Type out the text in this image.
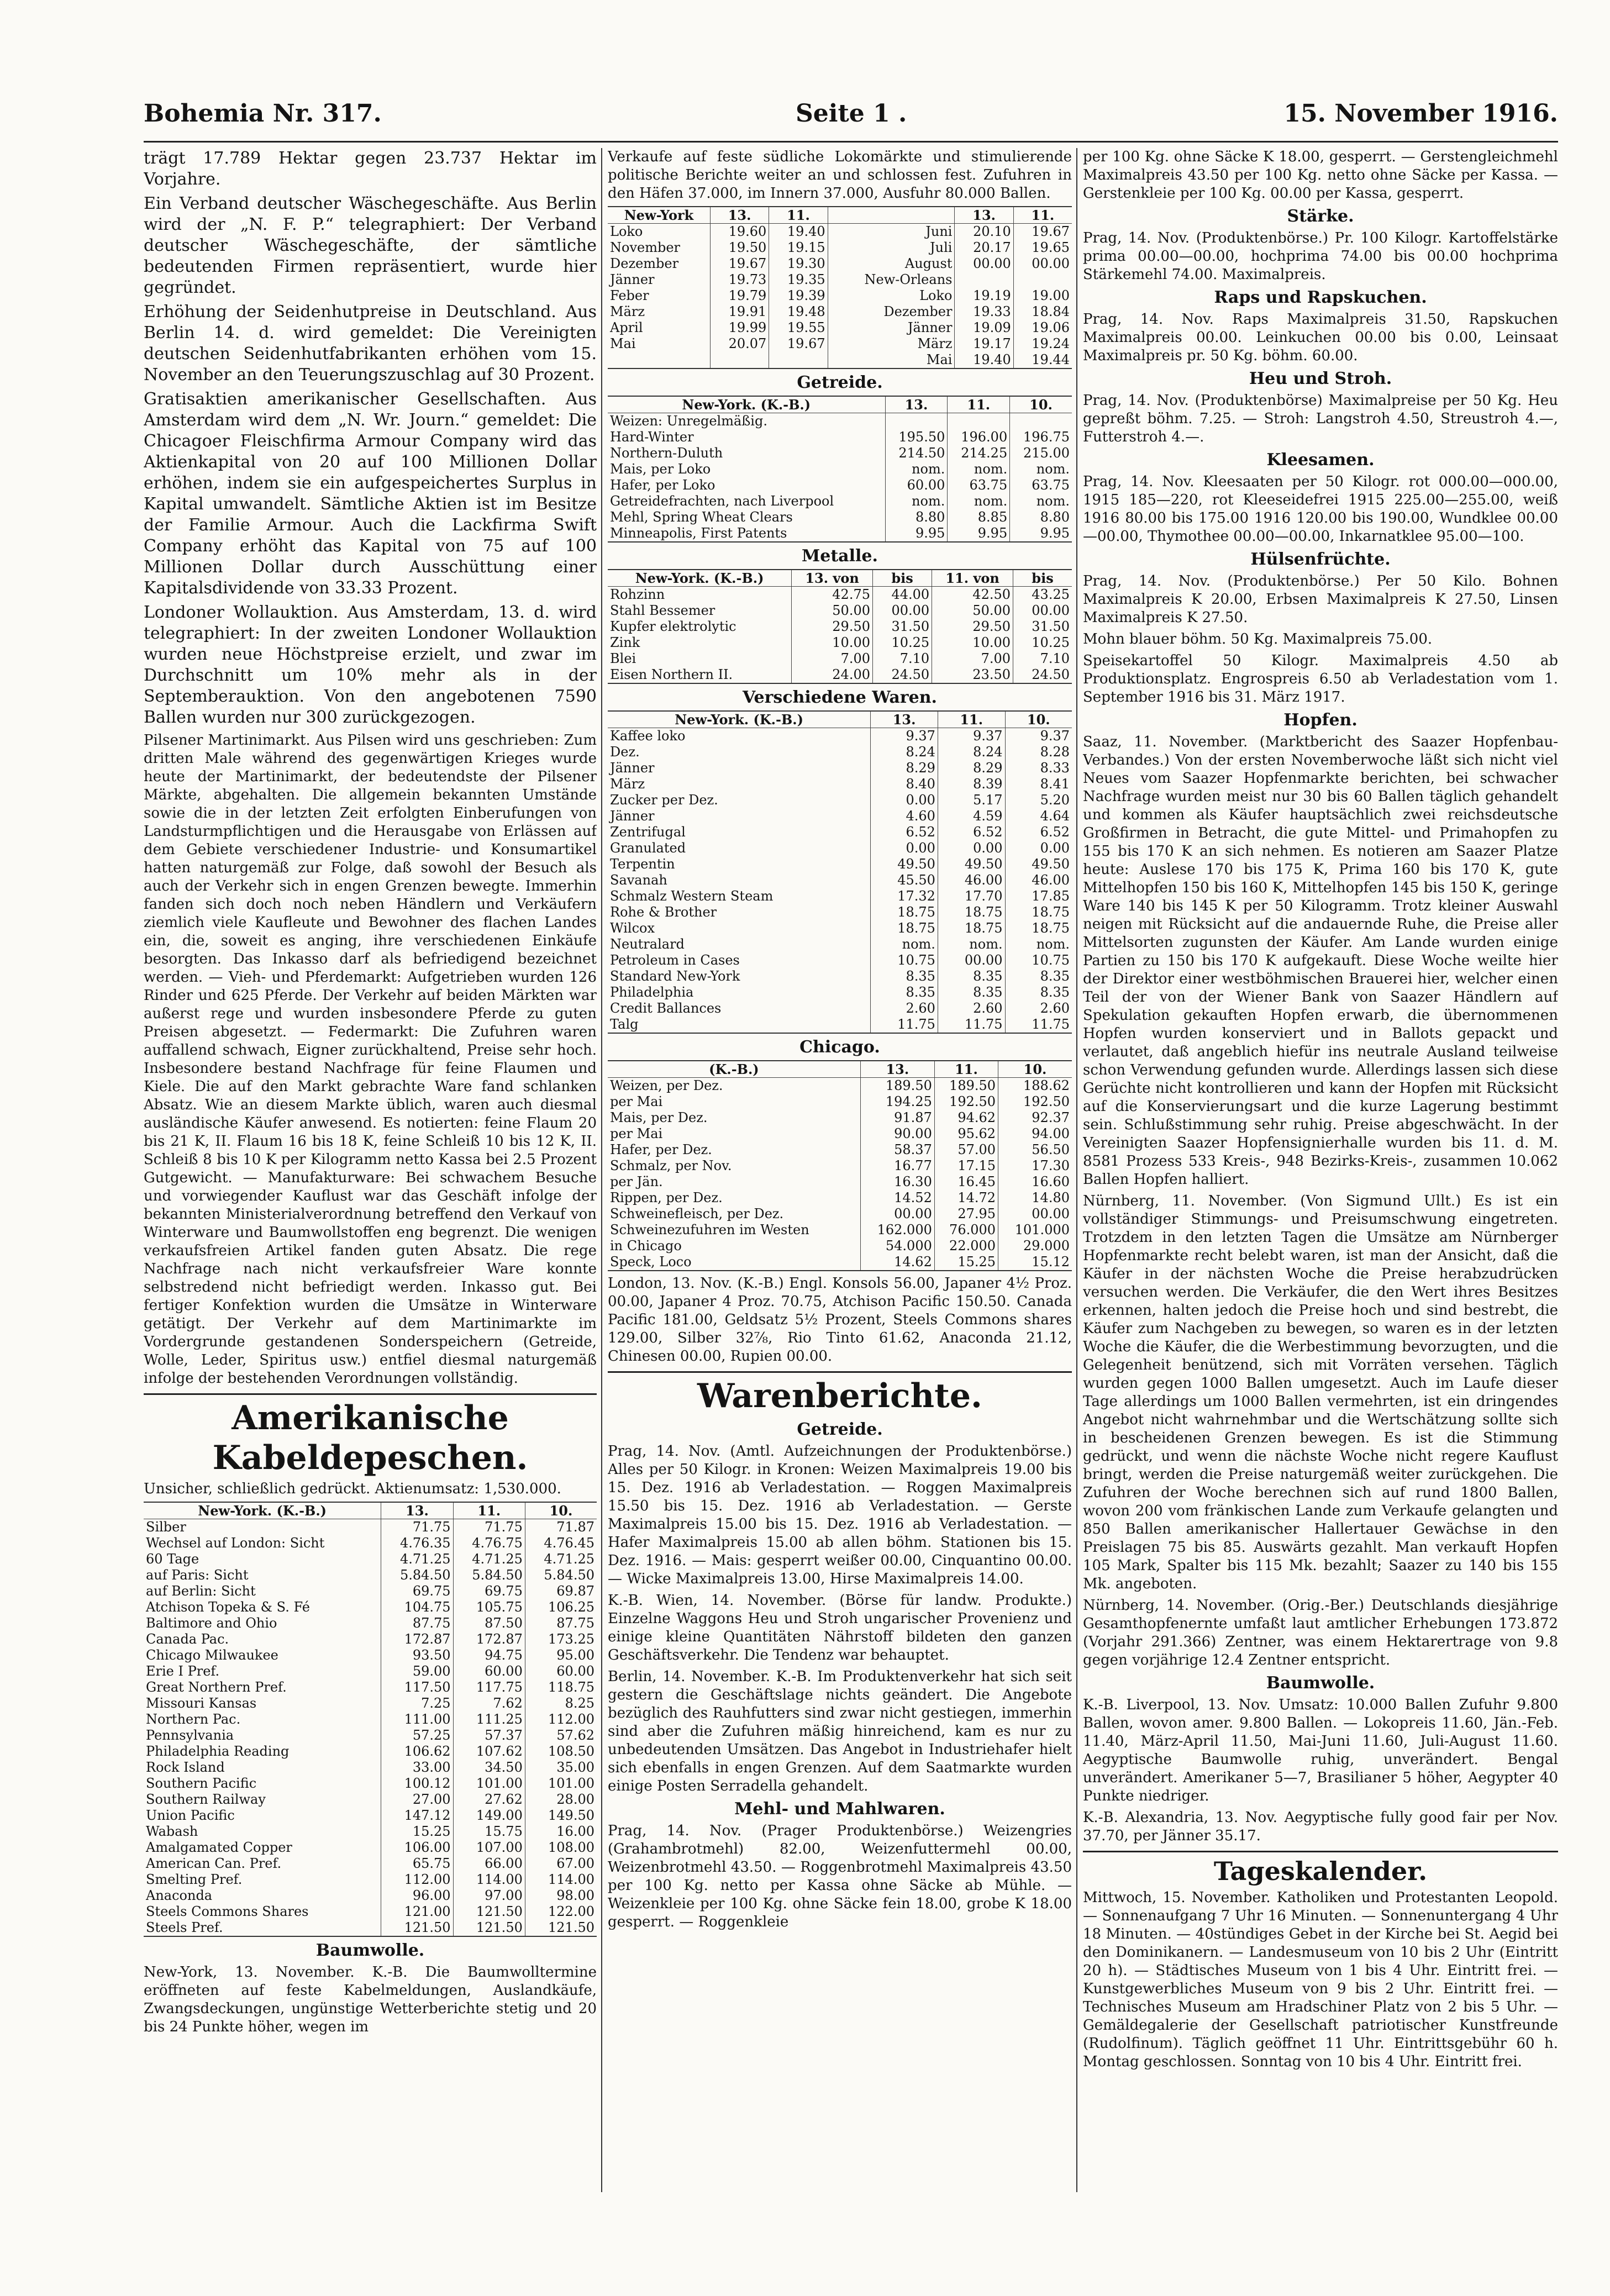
Bohemia Nr. 317.	Seite 1 .	15. November 1916.

trägt 17.789 Hektar gegen 23.737 Hektar im Vorjahre.

Ein Verband deutscher Wäschegeschäfte. Aus Berlin wird der „N. F. P.“ telegraphiert: Der Verband deutscher Wäschegeschäfte, der sämtliche bedeutenden Firmen repräsentiert, wurde hier gegründet.

Erhöhung der Seidenhutpreise in Deutschland. Aus Berlin 14. d. wird gemeldet: Die Vereinigten deutschen Seidenhutfabrikanten erhöhen vom 15. November an den Teuerungszuschlag auf 30 Prozent.

Gratisaktien amerikanischer Gesellschaften. Aus Amsterdam wird dem „N. Wr. Journ.“ gemeldet: Die Chicagoer Fleischfirma Armour Company wird das Aktienkapital von 20 auf 100 Millionen Dollar erhöhen, indem sie ein aufgespeichertes Surplus in Kapital umwandelt. Sämtliche Aktien ist im Besitze der Familie Armour. Auch die Lackfirma Swift Company erhöht das Kapital von 75 auf 100 Millionen Dollar durch Ausschüttung einer Kapitalsdividende von 33.33 Prozent.

Londoner Wollauktion. Aus Amsterdam, 13. d. wird telegraphiert: In der zweiten Londoner Wollauktion wurden neue Höchstpreise erzielt, und zwar im Durchschnitt um 10% mehr als in der Septemberauktion. Von den angebotenen 7590 Ballen wurden nur 300 zurückgezogen.

Pilsener Martinimarkt. Aus Pilsen wird uns geschrieben: Zum dritten Male während des gegenwärtigen Krieges wurde heute der Martinimarkt, der bedeutendste der Pilsener Märkte, abgehalten. Die allgemein bekannten Umstände sowie die in der letzten Zeit erfolgten Einberufungen von Landsturmpflichtigen und die Herausgabe von Erlässen auf dem Gebiete verschiedener Industrie- und Konsumartikel hatten naturgemäß zur Folge, daß sowohl der Besuch als auch der Verkehr sich in engen Grenzen bewegte. Immerhin fanden sich doch noch neben Händlern und Verkäufern ziemlich viele Kaufleute und Bewohner des flachen Landes ein, die, soweit es anging, ihre verschiedenen Einkäufe besorgten. Das Inkasso darf als befriedigend bezeichnet werden. — Vieh- und Pferdemarkt: Aufgetrieben wurden 126 Rinder und 625 Pferde. Der Verkehr auf beiden Märkten war außerst rege und wurden insbesondere Pferde zu guten Preisen abgesetzt. — Federmarkt: Die Zufuhren waren auffallend schwach, Eigner zurückhaltend, Preise sehr hoch. Insbesondere bestand Nachfrage für feine Flaumen und Kiele. Die auf den Markt gebrachte Ware fand schlanken Absatz. Wie an diesem Markte üblich, waren auch diesmal ausländische Käufer anwesend. Es notierten: feine Flaum 20 bis 21 K, II. Flaum 16 bis 18 K, feine Schleiß 10 bis 12 K, II. Schleiß 8 bis 10 K per Kilogramm netto Kassa bei 2.5 Prozent Gutgewicht. — Manufakturware: Bei schwachem Besuche und vorwiegender Kauflust war das Geschäft infolge der bekannten Ministerialverordnung betreffend den Verkauf von Winterware und Baumwollstoffen eng begrenzt. Die wenigen verkaufsfreien Artikel fanden guten Absatz. Die rege Nachfrage nach nicht verkaufsfreier Ware konnte selbstredend nicht befriedigt werden. Inkasso gut. Bei fertiger Konfektion wurden die Umsätze in Winterware getätigt. Der Verkehr auf dem Martinimarkte im Vordergrunde gestandenen Sonderspeichern (Getreide, Wolle, Leder, Spiritus usw.) entfiel diesmal naturgemäß infolge der bestehenden Verordnungen vollständig.

Amerikanische Kabeldepeschen.

Unsicher, schließlich gedrückt. Aktienumsatz: 1,530.000.

New-York. (K.-B.)	13.	11.	10.
Silber	71.75	71.75	71.87
Wechsel auf London: Sicht	4.76.35	4.76.75	4.76.45
60 Tage	4.71.25	4.71.25	4.71.25
auf Paris: Sicht	5.84.50	5.84.50	5.84.50
auf Berlin: Sicht	69.75	69.75	69.87
Atchison Topeka & S. Fé	104.75	105.75	106.25
Baltimore and Ohio	87.75	87.50	87.75
Canada Pac.	172.87	172.87	173.25
Chicago Milwaukee	93.50	94.75	95.00
Erie I Pref.	59.00	60.00	60.00
Great Northern Pref.	117.50	117.75	118.75
Missouri Kansas	7.25	7.62	8.25
Northern Pac.	111.00	111.25	112.00
Pennsylvania	57.25	57.37	57.62
Philadelphia Reading	106.62	107.62	108.50
Rock Island	33.00	34.50	35.00
Southern Pacific	100.12	101.00	101.00
Southern Railway	27.00	27.62	28.00
Union Pacific	147.12	149.00	149.50
Wabash	15.25	15.75	16.00
Amalgamated Copper	106.00	107.00	108.00
American Can. Pref.	65.75	66.00	67.00
Smelting Pref.	112.00	114.00	114.00
Anaconda	96.00	97.00	98.00
Steels Commons Shares	121.00	121.50	122.00
Steels Pref.	121.50	121.50	121.50
Baumwolle.

New-York, 13. November. K.-B. Die Baumwolltermine eröffneten auf feste Kabelmeldungen, Auslandkäufe, Zwangsdeckungen, ungünstige Wetterberichte stetig und 20 bis 24 Punkte höher, wegen im

Verkaufe auf feste südliche Lokomärkte und stimulierende politische Berichte weiter an und schlossen fest. Zufuhren in den Häfen 37.000, im Innern 37.000, Ausfuhr 80.000 Ballen.

New-York	13.	11.		13.	11.
Loko	19.60	19.40	Juni	20.10	19.67
November	19.50	19.15	Juli	20.17	19.65
Dezember	19.67	19.30	August	00.00	00.00
Jänner	19.73	19.35	New-Orleans		
Feber	19.79	19.39	Loko	19.19	19.00
März	19.91	19.48	Dezember	19.33	18.84
April	19.99	19.55	Jänner	19.09	19.06
Mai	20.07	19.67	März	19.17	19.24
			Mai	19.40	19.44
Getreide.
New-York. (K.-B.)	13.	11.	10.
Weizen: Unregelmäßig.			
Hard-Winter	195.50	196.00	196.75
Northern-Duluth	214.50	214.25	215.00
Mais, per Loko	nom.	nom.	nom.
Hafer, per Loko	60.00	63.75	63.75
Getreidefrachten, nach Liverpool	nom.	nom.	nom.
Mehl, Spring Wheat Clears	8.80	8.85	8.80
Minneapolis, First Patents	9.95	9.95	9.95
Metalle.
New-York. (K.-B.)	13. von	bis	11. von	bis
Rohzinn	42.75	44.00	42.50	43.25
Stahl Bessemer	50.00	00.00	50.00	00.00
Kupfer elektrolytic	29.50	31.50	29.50	31.50
Zink	10.00	10.25	10.00	10.25
Blei	7.00	7.10	7.00	7.10
Eisen Northern II.	24.00	24.50	23.50	24.50
Verschiedene Waren.
New-York. (K.-B.)	13.	11.	10.
Kaffee loko	9.37	9.37	9.37
Dez.	8.24	8.24	8.28
Jänner	8.29	8.29	8.33
März	8.40	8.39	8.41
Zucker per Dez.	0.00	5.17	5.20
Jänner	4.60	4.59	4.64
Zentrifugal	6.52	6.52	6.52
Granulated	0.00	0.00	0.00
Terpentin	49.50	49.50	49.50
Savanah	45.50	46.00	46.00
Schmalz Western Steam	17.32	17.70	17.85
Rohe & Brother	18.75	18.75	18.75
Wilcox	18.75	18.75	18.75
Neutralard	nom.	nom.	nom.
Petroleum in Cases	10.75	00.00	10.75
Standard New-York	8.35	8.35	8.35
Philadelphia	8.35	8.35	8.35
Credit Ballances	2.60	2.60	2.60
Talg	11.75	11.75	11.75
Chicago.
(K.-B.)	13.	11.	10.
Weizen, per Dez.	189.50	189.50	188.62
per Mai	194.25	192.50	192.50
Mais, per Dez.	91.87	94.62	92.37
per Mai	90.00	95.62	94.00
Hafer, per Dez.	58.37	57.00	56.50
Schmalz, per Nov.	16.77	17.15	17.30
per Jän.	16.30	16.45	16.60
Rippen, per Dez.	14.52	14.72	14.80
Schweinefleisch, per Dez.	00.00	27.95	00.00
Schweinezufuhren im Westen	162.000	76.000	101.000
in Chicago	54.000	22.000	29.000
Speck, Loco	14.62	15.25	15.12

London, 13. Nov. (K.-B.) Engl. Konsols 56.00, Japaner 4½ Proz. 00.00, Japaner 4 Proz. 70.75, Atchison Pacific 150.50. Canada Pacific 181.00, Geldsatz 5½ Prozent, Steels Commons shares 129.00, Silber 32⅞, Rio Tinto 61.62, Anaconda 21.12, Chinesen 00.00, Rupien 00.00.

Warenberichte.
Getreide.

Prag, 14. Nov. (Amtl. Aufzeichnungen der Produktenbörse.) Alles per 50 Kilogr. in Kronen: Weizen Maximalpreis 19.00 bis 15. Dez. 1916 ab Verladestation. — Roggen Maximalpreis 15.50 bis 15. Dez. 1916 ab Verladestation. — Gerste Maximalpreis 15.00 bis 15. Dez. 1916 ab Verladestation. — Hafer Maximalpreis 15.00 ab allen böhm. Stationen bis 15. Dez. 1916. — Mais: gesperrt weißer 00.00, Cinquantino 00.00. — Wicke Maximalpreis 13.00, Hirse Maximalpreis 14.00.

K.-B. Wien, 14. November. (Börse für landw. Produkte.) Einzelne Waggons Heu und Stroh ungarischer Provenienz und einige kleine Quantitäten Nährstoff bildeten den ganzen Geschäftsverkehr. Die Tendenz war behauptet.

Berlin, 14. November. K.-B. Im Produktenverkehr hat sich seit gestern die Geschäftslage nichts geändert. Die Angebote bezüglich des Rauhfutters sind zwar nicht gestiegen, immerhin sind aber die Zufuhren mäßig hinreichend, kam es nur zu unbedeutenden Umsätzen. Das Angebot in Industriehafer hielt sich ebenfalls in engen Grenzen. Auf dem Saatmarkte wurden einige Posten Serradella gehandelt.

Mehl- und Mahlwaren.

Prag, 14. Nov. (Prager Produktenbörse.) Weizengries (Grahambrotmehl) 82.00, Weizenfuttermehl 00.00, Weizenbrotmehl 43.50. — Roggenbrotmehl Maximalpreis 43.50 per 100 Kg. netto per Kassa ohne Säcke ab Mühle. — Weizenkleie per 100 Kg. ohne Säcke fein 18.00, grobe K 18.00 gesperrt. — Roggenkleie

per 100 Kg. ohne Säcke K 18.00, gesperrt. — Gerstengleichmehl Maximalpreis 43.50 per 100 Kg. netto ohne Säcke per Kassa. — Gerstenkleie per 100 Kg. 00.00 per Kassa, gesperrt.

Stärke.

Prag, 14. Nov. (Produktenbörse.) Pr. 100 Kilogr. Kartoffelstärke prima 00.00—00.00, hochprima 74.00 bis 00.00 hochprima Stärkemehl 74.00. Maximalpreis.

Raps und Rapskuchen.

Prag, 14. Nov. Raps Maximalpreis 31.50, Rapskuchen Maximalpreis 00.00. Leinkuchen 00.00 bis 0.00, Leinsaat Maximalpreis pr. 50 Kg. böhm. 60.00.

Heu und Stroh.

Prag, 14. Nov. (Produktenbörse) Maximalpreise per 50 Kg. Heu gepreßt böhm. 7.25. — Stroh: Langstroh 4.50, Streustroh 4.—, Futterstroh 4.—.

Kleesamen.

Prag, 14. Nov. Kleesaaten per 50 Kilogr. rot 000.00—000.00, 1915 185—220, rot Kleeseidefrei 1915 225.00—255.00, weiß 1916 80.00 bis 175.00 1916 120.00 bis 190.00, Wundklee 00.00—00.00, Thymothee 00.00—00.00, Inkarnatklee 95.00—100.

Hülsenfrüchte.

Prag, 14. Nov. (Produktenbörse.) Per 50 Kilo. Bohnen Maximalpreis K 20.00, Erbsen Maximalpreis K 27.50, Linsen Maximalpreis K 27.50.

Mohn blauer böhm. 50 Kg. Maximalpreis 75.00.

Speisekartoffel 50 Kilogr. Maximalpreis 4.50 ab Produktionsplatz. Engrospreis 6.50 ab Verladestation vom 1. September 1916 bis 31. März 1917.

Hopfen.

Saaz, 11. November. (Marktbericht des Saazer Hopfenbau-Verbandes.) Von der ersten Novemberwoche läßt sich nicht viel Neues vom Saazer Hopfenmarkte berichten, bei schwacher Nachfrage wurden meist nur 30 bis 60 Ballen täglich gehandelt und kommen als Käufer hauptsächlich zwei reichsdeutsche Großfirmen in Betracht, die gute Mittel- und Primahopfen zu 155 bis 170 K an sich nehmen. Es notieren am Saazer Platze heute: Auslese 170 bis 175 K, Prima 160 bis 170 K, gute Mittelhopfen 150 bis 160 K, Mittelhopfen 145 bis 150 K, geringe Ware 140 bis 145 K per 50 Kilogramm. Trotz kleiner Auswahl neigen mit Rücksicht auf die andauernde Ruhe, die Preise aller Mittelsorten zugunsten der Käufer. Am Lande wurden einige Partien zu 150 bis 170 K aufgekauft. Diese Woche weilte hier der Direktor einer westböhmischen Brauerei hier, welcher einen Teil der von der Wiener Bank von Saazer Händlern auf Spekulation gekauften Hopfen erwarb, die übernommenen Hopfen wurden konserviert und in Ballots gepackt und verlautet, daß angeblich hiefür ins neutrale Ausland teilweise schon Verwendung gefunden wurde. Allerdings lassen sich diese Gerüchte nicht kontrollieren und kann der Hopfen mit Rücksicht auf die Konservierungsart und die kurze Lagerung bestimmt sein. Schlußstimmung sehr ruhig. Preise abgeschwächt. In der Vereinigten Saazer Hopfensignierhalle wurden bis 11. d. M. 8581 Prozess 533 Kreis-, 948 Bezirks-Kreis-, zusammen 10.062 Ballen Hopfen halliert.

Nürnberg, 11. November. (Von Sigmund Ullt.) Es ist ein vollständiger Stimmungs- und Preisumschwung eingetreten. Trotzdem in den letzten Tagen die Umsätze am Nürnberger Hopfenmarkte recht belebt waren, ist man der Ansicht, daß die Käufer in der nächsten Woche die Preise herabzudrücken versuchen werden. Die Verkäufer, die den Wert ihres Besitzes erkennen, halten jedoch die Preise hoch und sind bestrebt, die Käufer zum Nachgeben zu bewegen, so waren es in der letzten Woche die Käufer, die die Werbestimmung bevorzugten, und die Gelegenheit benützend, sich mit Vorräten versehen. Täglich wurden gegen 1000 Ballen umgesetzt. Auch im Laufe dieser Tage allerdings um 1000 Ballen vermehrten, ist ein dringendes Angebot nicht wahrnehmbar und die Wertschätzung sollte sich in bescheidenen Grenzen bewegen. Es ist die Stimmung gedrückt, und wenn die nächste Woche nicht regere Kauflust bringt, werden die Preise naturgemäß weiter zurückgehen. Die Zufuhren der Woche berechnen sich auf rund 1800 Ballen, wovon 200 vom fränkischen Lande zum Verkaufe gelangten und 850 Ballen amerikanischer Hallertauer Gewächse in den Preislagen 75 bis 85. Auswärts gezahlt. Man verkauft Hopfen 105 Mark, Spalter bis 115 Mk. bezahlt; Saazer zu 140 bis 155 Mk. angeboten.

Nürnberg, 14. November. (Orig.-Ber.) Deutschlands diesjährige Gesamthopfenernte umfaßt laut amtlicher Erhebungen 173.872 (Vorjahr 291.366) Zentner, was einem Hektarertrage von 9.8 gegen vorjährige 12.4 Zentner entspricht.

Baumwolle.

K.-B. Liverpool, 13. Nov. Umsatz: 10.000 Ballen Zufuhr 9.800 Ballen, wovon amer. 9.800 Ballen. — Lokopreis 11.60, Jän.-Feb. 11.40, März-April 11.50, Mai-Juni 11.60, Juli-August 11.60. Aegyptische Baumwolle ruhig, unverändert. Bengal unverändert. Amerikaner 5—7, Brasilianer 5 höher, Aegypter 40 Punkte niedriger.

K.-B. Alexandria, 13. Nov. Aegyptische fully good fair per Nov. 37.70, per Jänner 35.17.

Tageskalender.

Mittwoch, 15. November. Katholiken und Protestanten Leopold. — Sonnenaufgang 7 Uhr 16 Minuten. — Sonnenuntergang 4 Uhr 18 Minuten. — 40stündiges Gebet in der Kirche bei St. Aegid bei den Dominikanern. — Landesmuseum von 10 bis 2 Uhr (Eintritt 20 h). — Städtisches Museum von 1 bis 4 Uhr. Eintritt frei. — Kunstgewerbliches Museum von 9 bis 2 Uhr. Eintritt frei. — Technisches Museum am Hradschiner Platz von 2 bis 5 Uhr. — Gemäldegalerie der Gesellschaft patriotischer Kunstfreunde (Rudolfinum). Täglich geöffnet 11 Uhr. Eintrittsgebühr 60 h. Montag geschlossen. Sonntag von 10 bis 4 Uhr. Eintritt frei.
